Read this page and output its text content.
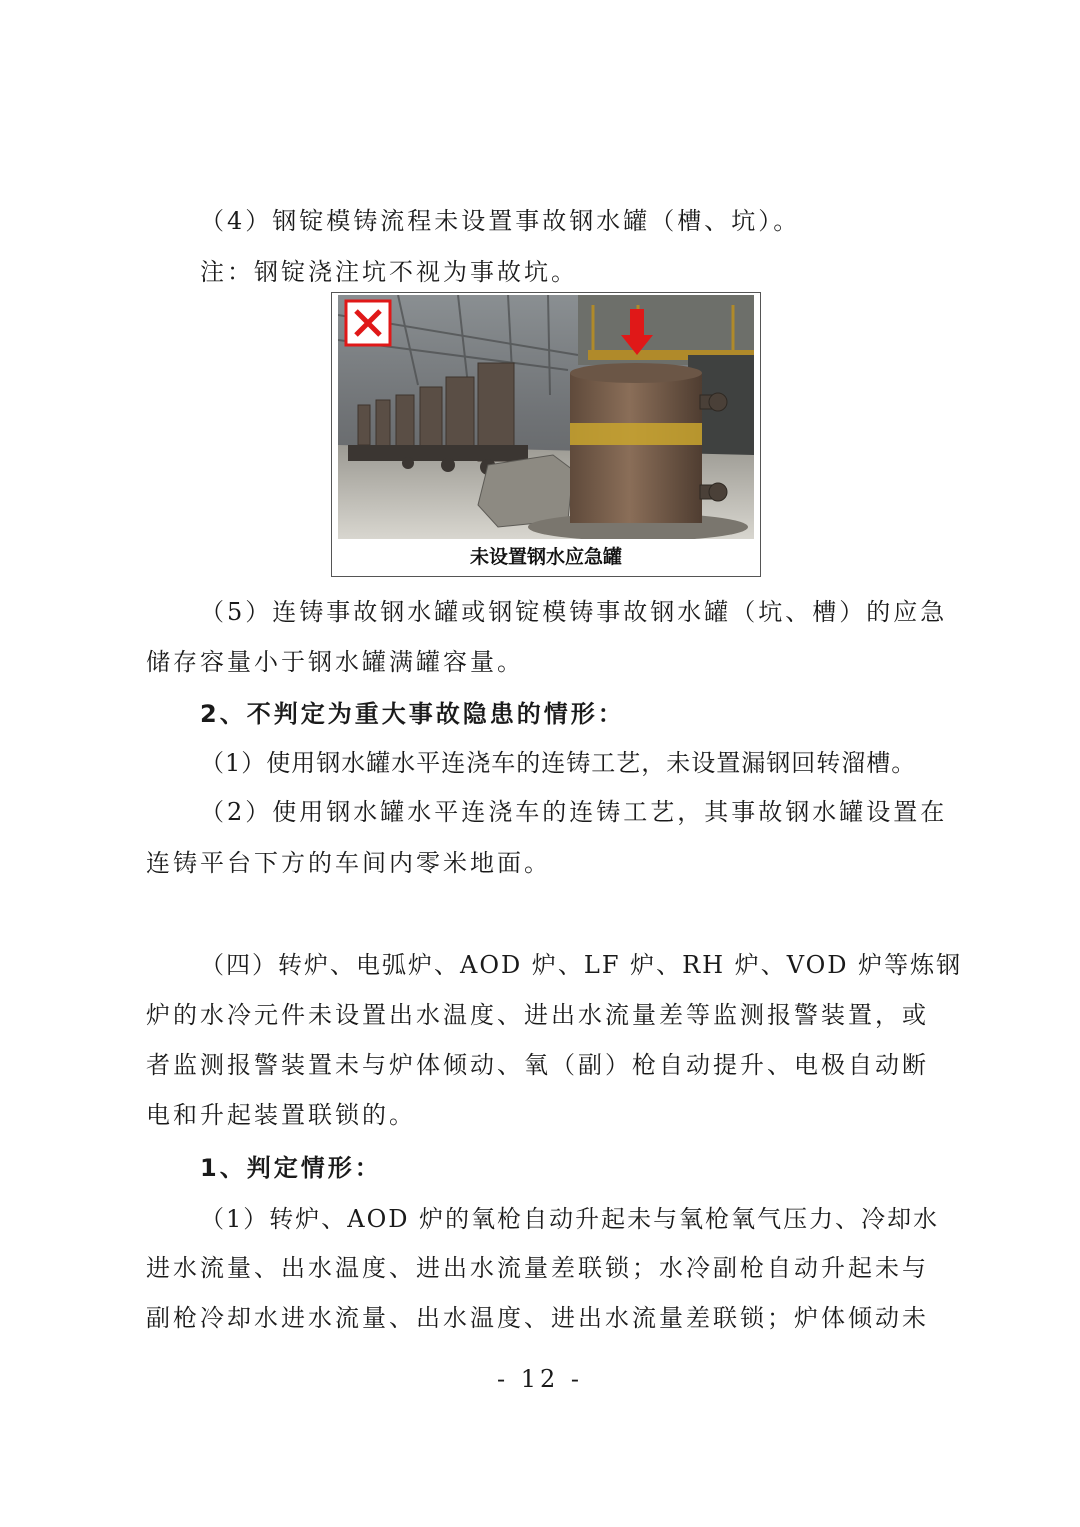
（4）钢锭模铸流程未设置事故钢水罐（槽、坑）。
注：钢锭浇注坑不视为事故坑。
未设置钢水应急罐
（5）连铸事故钢水罐或钢锭模铸事故钢水罐（坑、槽）的应急
储存容量小于钢水罐满罐容量。
2、不判定为重大事故隐患的情形：
（1）使用钢水罐水平连浇车的连铸工艺，未设置漏钢回转溜槽。
（2）使用钢水罐水平连浇车的连铸工艺，其事故钢水罐设置在
连铸平台下方的车间内零米地面。
（四）转炉、电弧炉、AOD 炉、LF 炉、RH 炉、VOD 炉等炼钢
炉的水冷元件未设置出水温度、进出水流量差等监测报警装置，或
者监测报警装置未与炉体倾动、氧（副）枪自动提升、电极自动断
电和升起装置联锁的。
1、判定情形：
（1）转炉、AOD 炉的氧枪自动升起未与氧枪氧气压力、冷却水
进水流量、出水温度、进出水流量差联锁；水冷副枪自动升起未与
副枪冷却水进水流量、出水温度、进出水流量差联锁；炉体倾动未
- 12 -
